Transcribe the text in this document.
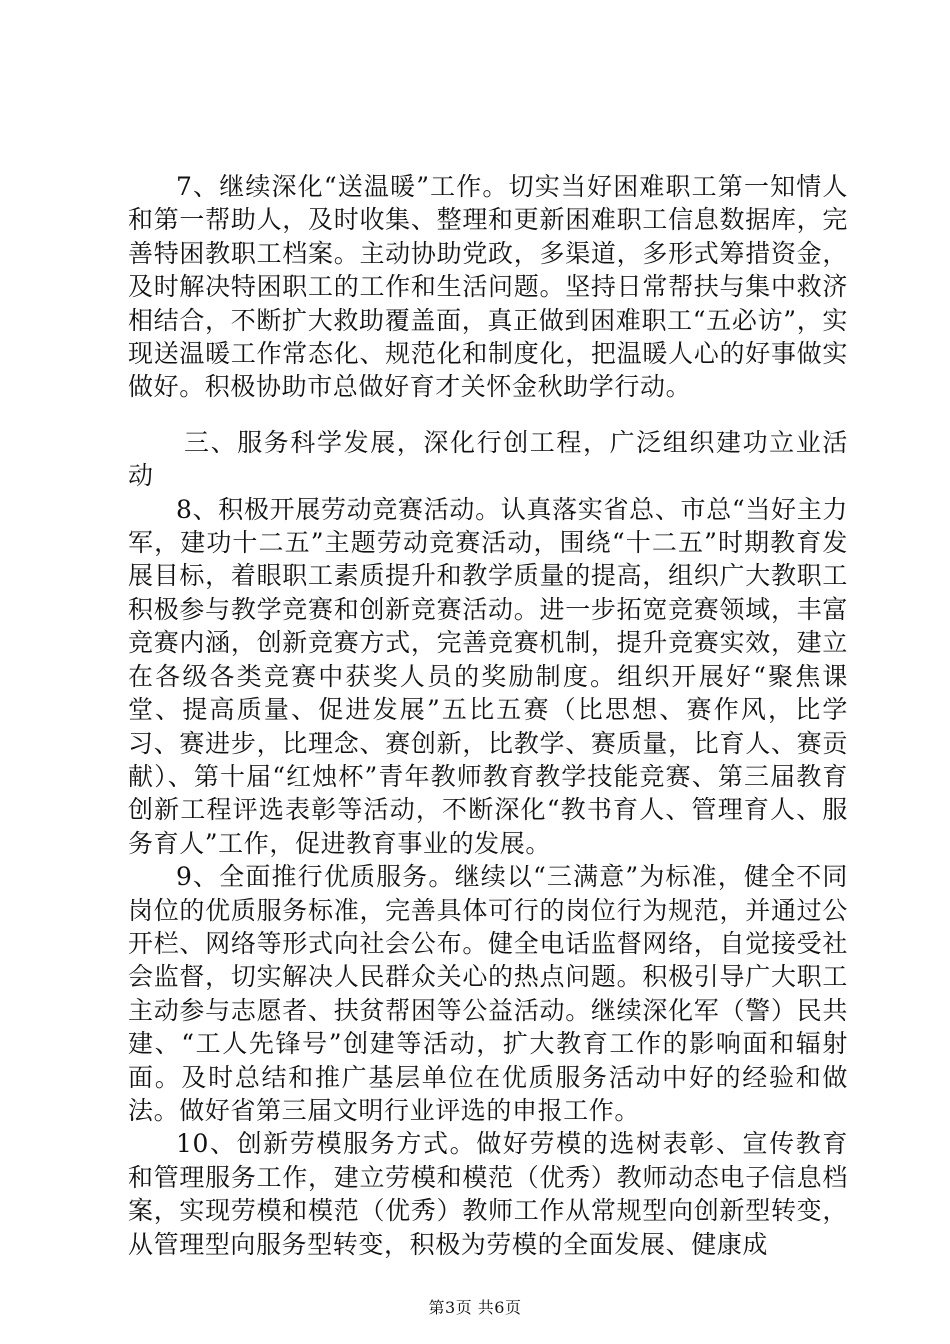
7、继续深化“送温暖”工作。切实当好困难职工第一知情人和第一帮助人，及时收集、整理和更新困难职工信息数据库，完善特困教职工档案。主动协助党政，多渠道，多形式筹措资金，及时解决特困职工的工作和生活问题。坚持日常帮扶与集中救济相结合，不断扩大救助覆盖面，真正做到困难职工“五必访”，实现送温暖工作常态化、规范化和制度化，把温暖人心的好事做实做好。积极协助市总做好育才关怀金秋助学行动。

三、服务科学发展，深化行创工程，广泛组织建功立业活动

8、积极开展劳动竞赛活动。认真落实省总、市总“当好主力军，建功十二五”主题劳动竞赛活动，围绕“十二五”时期教育发展目标，着眼职工素质提升和教学质量的提高，组织广大教职工积极参与教学竞赛和创新竞赛活动。进一步拓宽竞赛领域，丰富竞赛内涵，创新竞赛方式，完善竞赛机制，提升竞赛实效，建立在各级各类竞赛中获奖人员的奖励制度。组织开展好“聚焦课堂、提高质量、促进发展”五比五赛（比思想、赛作风，比学习、赛进步，比理念、赛创新，比教学、赛质量，比育人、赛贡献）、第十届“红烛杯”青年教师教育教学技能竞赛、第三届教育创新工程评选表彰等活动，不断深化“教书育人、管理育人、服务育人”工作，促进教育事业的发展。

9、全面推行优质服务。继续以“三满意”为标准，健全不同岗位的优质服务标准，完善具体可行的岗位行为规范，并通过公开栏、网络等形式向社会公布。健全电话监督网络，自觉接受社会监督，切实解决人民群众关心的热点问题。积极引导广大职工主动参与志愿者、扶贫帮困等公益活动。继续深化军（警）民共建、“工人先锋号”创建等活动，扩大教育工作的影响面和辐射面。及时总结和推广基层单位在优质服务活动中好的经验和做法。做好省第三届文明行业评选的申报工作。

10、创新劳模服务方式。做好劳模的选树表彰、宣传教育和管理服务工作，建立劳模和模范（优秀）教师动态电子信息档案，实现劳模和模范（优秀）教师工作从常规型向创新型转变，从管理型向服务型转变，积极为劳模的全面发展、健康成

第3页 共6页
